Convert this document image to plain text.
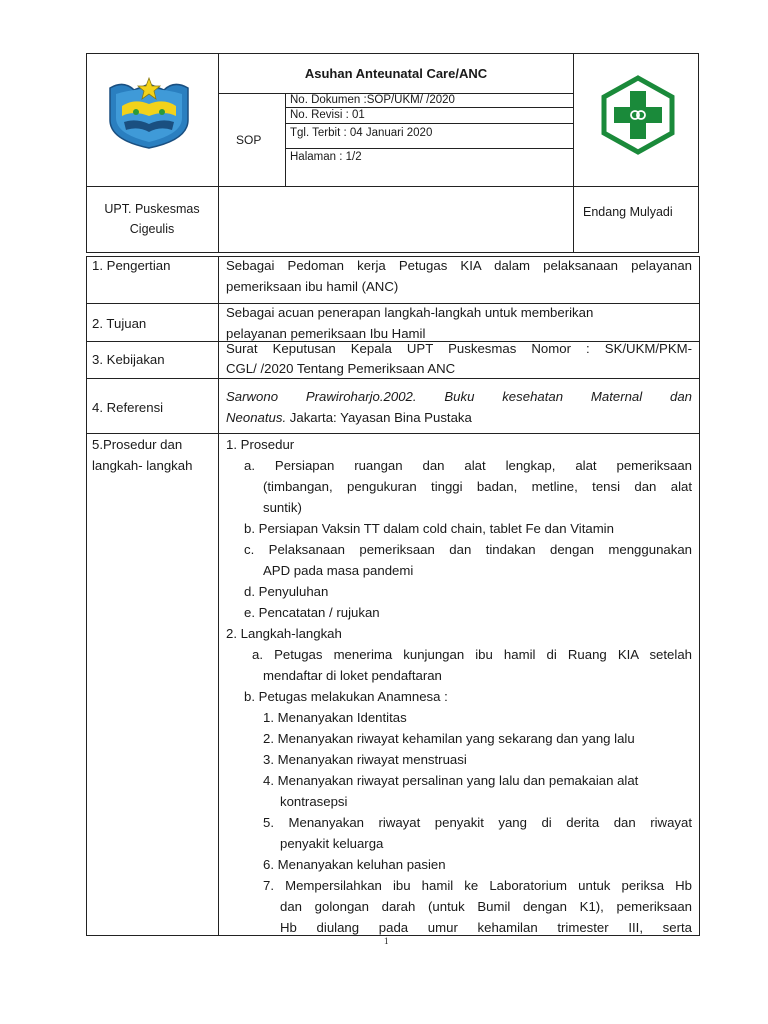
Asuhan Anteunatal Care/ANC
SOP
No. Dokumen :SOP/UKM/ /2020
No. Revisi : 01
Tgl. Terbit : 04 Januari 2020
Halaman : 1/2
UPT. Puskesmas
Cigeulis
Endang Mulyadi
1. Pengertian	Sebagai Pedoman kerja Petugas KIA dalam pelaksanaan pelayanan
pemeriksaan ibu hamil (ANC)
2. Tujuan
Sebagai acuan penerapan langkah-langkah untuk memberikan
pelayanan pemeriksaan Ibu Hamil
3. Kebijakan
Surat Keputusan Kepala UPT Puskesmas Nomor : SK/UKM/PKM-
CGL/ /2020 Tentang Pemeriksaan ANC
4. Referensi
Sarwono Prawiroharjo.2002. Buku kesehatan Maternal dan
Neonatus. Jakarta: Yayasan Bina Pustaka
5.Prosedur dan
langkah- langkah
1. Prosedur
a. Persiapan ruangan dan alat lengkap, alat pemeriksaan
(timbangan, pengukuran tinggi badan, metline, tensi dan alat
suntik)
b. Persiapan Vaksin TT dalam cold chain, tablet Fe dan Vitamin
c. Pelaksanaan pemeriksaan dan tindakan dengan menggunakan
APD pada masa pandemi
d. Penyuluhan
e. Pencatatan / rujukan
2. Langkah-langkah
a. Petugas menerima kunjungan ibu hamil di Ruang KIA setelah
mendaftar di loket pendaftaran
b. Petugas melakukan Anamnesa :
1. Menanyakan Identitas
2. Menanyakan riwayat kehamilan yang sekarang dan yang lalu
3. Menanyakan riwayat menstruasi
4. Menanyakan riwayat persalinan yang lalu dan pemakaian alat
kontrasepsi
5. Menanyakan riwayat penyakit yang di derita dan riwayat
penyakit keluarga
6. Menanyakan keluhan pasien
7. Mempersilahkan ibu hamil ke Laboratorium untuk periksa Hb
dan golongan darah (untuk Bumil dengan K1), pemeriksaan
Hb diulang pada umur kehamilan trimester III, serta
1
